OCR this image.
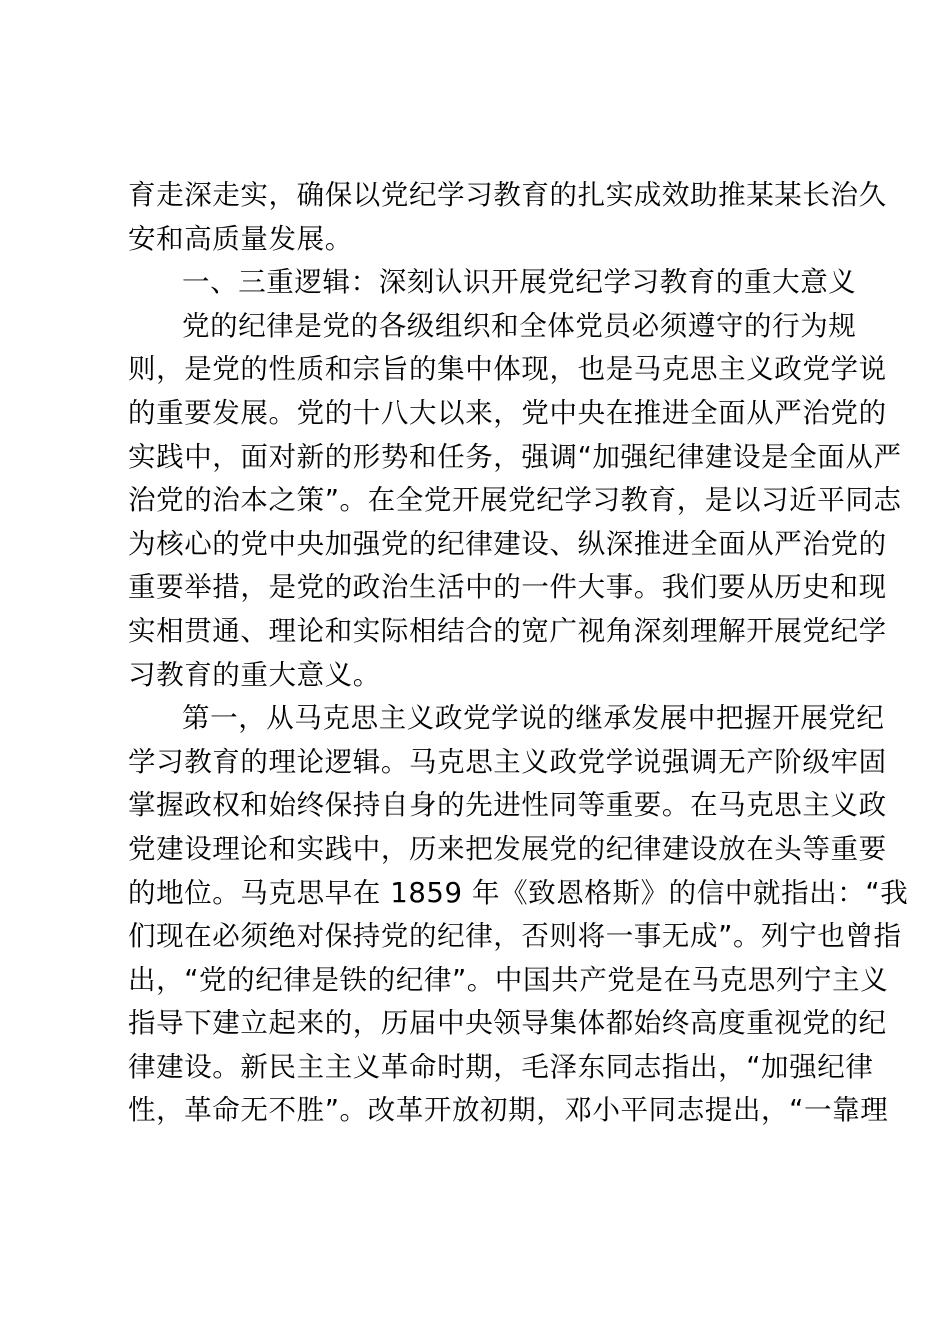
育走深走实，确保以党纪学习教育的扎实成效助推某某长治久
安和高质量发展。
一、三重逻辑：深刻认识开展党纪学习教育的重大意义
党的纪律是党的各级组织和全体党员必须遵守的行为规
则，是党的性质和宗旨的集中体现，也是马克思主义政党学说
的重要发展。党的十八大以来，党中央在推进全面从严治党的
实践中，面对新的形势和任务，强调“加强纪律建设是全面从严
治党的治本之策”。在全党开展党纪学习教育，是以习近平同志
为核心的党中央加强党的纪律建设、纵深推进全面从严治党的
重要举措，是党的政治生活中的一件大事。我们要从历史和现
实相贯通、理论和实际相结合的宽广视角深刻理解开展党纪学
习教育的重大意义。
第一，从马克思主义政党学说的继承发展中把握开展党纪
学习教育的理论逻辑。马克思主义政党学说强调无产阶级牢固
掌握政权和始终保持自身的先进性同等重要。在马克思主义政
党建设理论和实践中，历来把发展党的纪律建设放在头等重要
的地位。马克思早在 1859 年《致恩格斯》的信中就指出：“我
们现在必须绝对保持党的纪律，否则将一事无成”。列宁也曾指
出，“党的纪律是铁的纪律”。中国共产党是在马克思列宁主义
指导下建立起来的，历届中央领导集体都始终高度重视党的纪
律建设。新民主主义革命时期，毛泽东同志指出，“加强纪律
性，革命无不胜”。改革开放初期，邓小平同志提出，“一靠理
